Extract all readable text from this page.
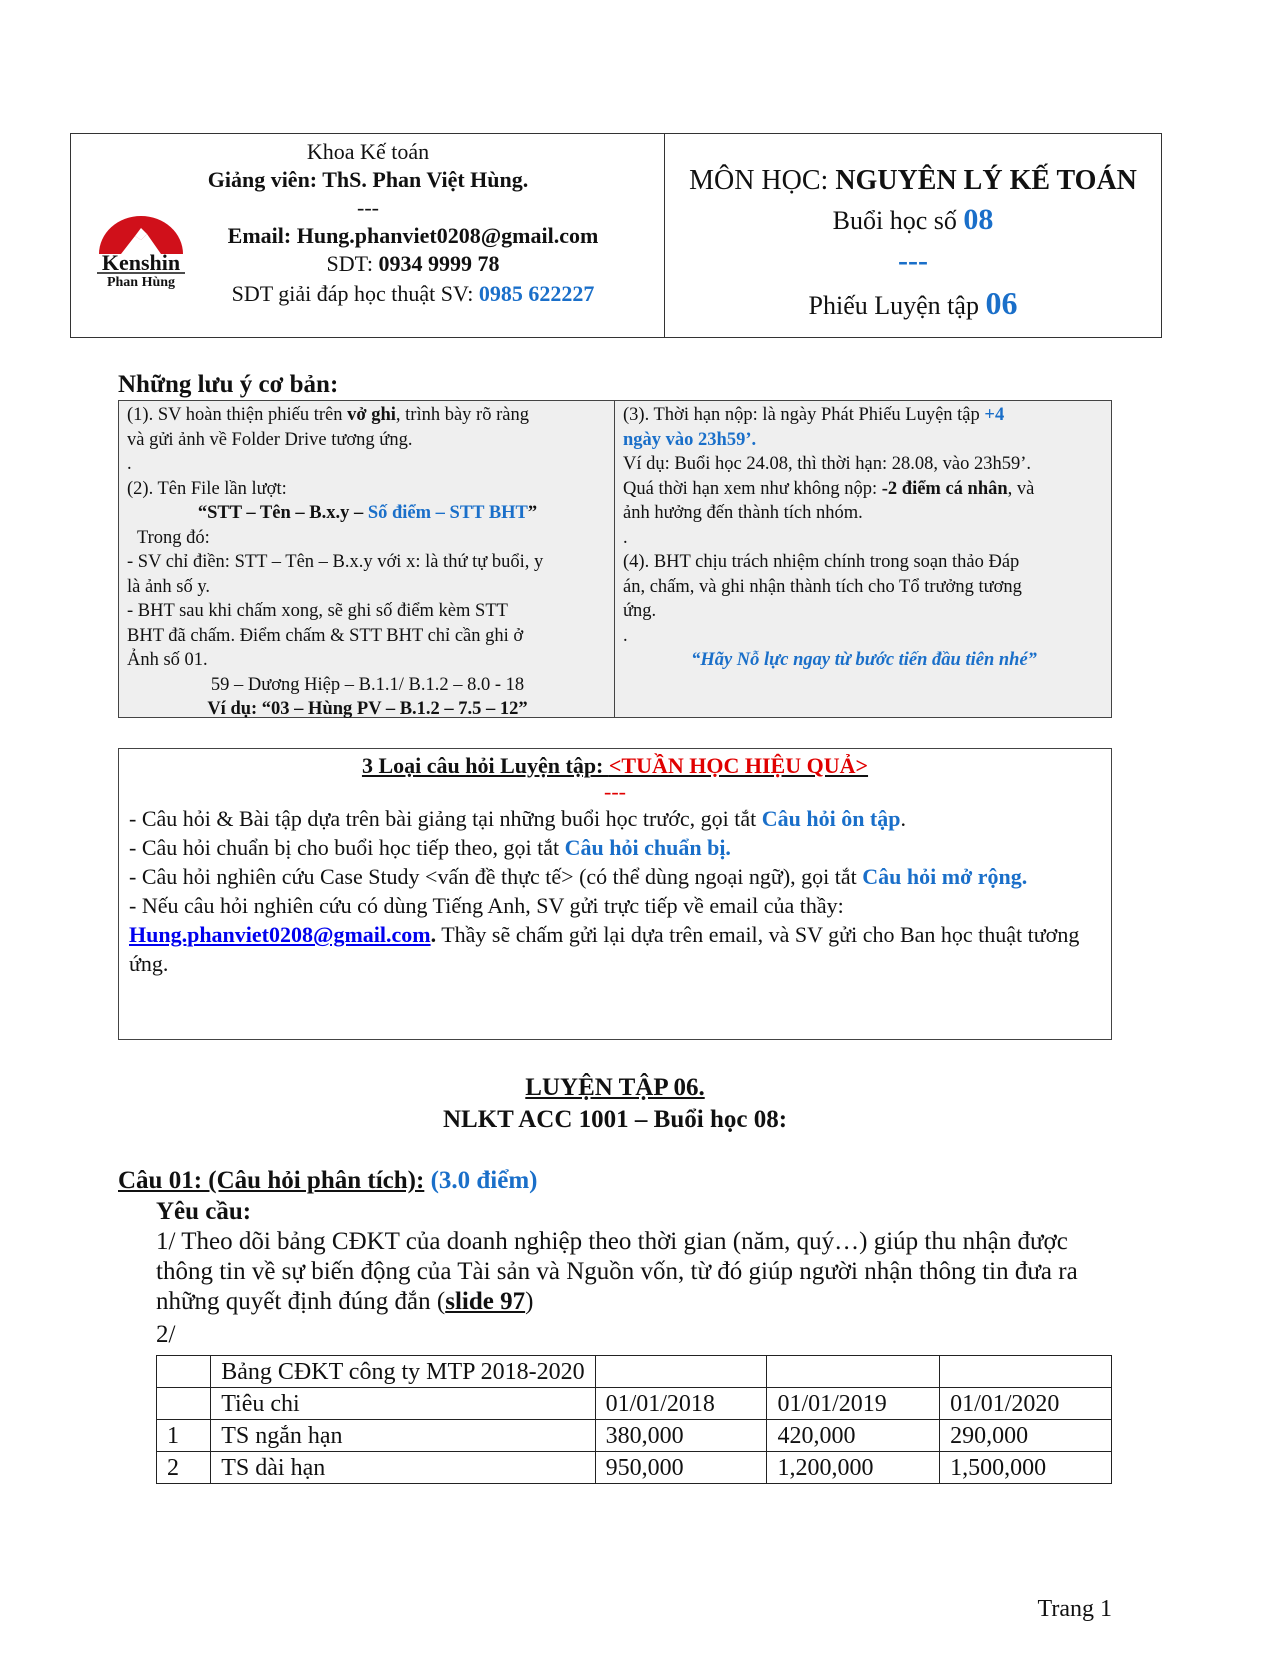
Kenshin
Phan Hùng
Khoa Kế toán
Giảng viên: ThS. Phan Việt Hùng.
---
Email: Hung.phanviet0208@gmail.com
SDT: 0934 9999 78
SDT giải đáp học thuật SV: 0985 622227
MÔN HỌC: NGUYÊN LÝ KẾ TOÁN
Buổi học số 08
---
Phiếu Luyện tập 06
Những lưu ý cơ bản:
(1). SV hoàn thiện phiếu trên vở ghi, trình bày rõ ràng
và gửi ảnh về Folder Drive tương ứng.
.
(2). Tên File lần lượt:
“STT – Tên – B.x.y – Số điểm – STT BHT”
Trong đó:
- SV chỉ điền: STT – Tên – B.x.y với x: là thứ tự buổi, y
là ảnh số y.
- BHT sau khi chấm xong, sẽ ghi số điểm kèm STT
BHT đã chấm. Điểm chấm & STT BHT chỉ cần ghi ở
Ảnh số 01.
59 – Dương Hiệp – B.1.1/ B.1.2 – 8.0 - 18
Ví dụ: “03 – Hùng PV – B.1.2 – 7.5 – 12”
(3). Thời hạn nộp: là ngày Phát Phiếu Luyện tập +4
ngày vào 23h59’.
Ví dụ: Buổi học 24.08, thì thời hạn: 28.08, vào 23h59’.
Quá thời hạn xem như không nộp: -2 điểm cá nhân, và
ảnh hưởng đến thành tích nhóm.
.
(4). BHT chịu trách nhiệm chính trong soạn thảo Đáp
án, chấm, và ghi nhận thành tích cho Tổ trưởng tương
ứng.
.
“Hãy Nỗ lực ngay từ bước tiến đầu tiên nhé”
3 Loại câu hỏi Luyện tập: <TUẦN HỌC HIỆU QUẢ>
---
- Câu hỏi & Bài tập dựa trên bài giảng tại những buổi học trước, gọi tắt Câu hỏi ôn tập.
- Câu hỏi chuẩn bị cho buổi học tiếp theo, gọi tắt Câu hỏi chuẩn bị.
- Câu hỏi nghiên cứu Case Study <vấn đề thực tế> (có thể dùng ngoại ngữ), gọi tắt Câu hỏi mở rộng.
- Nếu câu hỏi nghiên cứu có dùng Tiếng Anh, SV gửi trực tiếp về email của thầy:
Hung.phanviet0208@gmail.com. Thầy sẽ chấm gửi lại dựa trên email, và SV gửi cho Ban học thuật tương ứng.
LUYỆN TẬP 06.
NLKT ACC 1001 – Buổi học 08:
Câu 01: (Câu hỏi phân tích): (3.0 điểm)
Yêu cầu:
1/ Theo dõi bảng CĐKT của doanh nghiệp theo thời gian (năm, quý…) giúp thu nhận được thông tin về sự biến động của Tài sản và Nguồn vốn, từ đó giúp người nhận thông tin đưa ra những quyết định đúng đắn (slide 97)
2/
	Bảng CĐKT công ty MTP 2018-2020			
	Tiêu chi	01/01/2018	01/01/2019	01/01/2020
1	TS ngắn hạn	380,000	420,000	290,000
2	TS dài hạn	950,000	1,200,000	1,500,000
Trang 1
